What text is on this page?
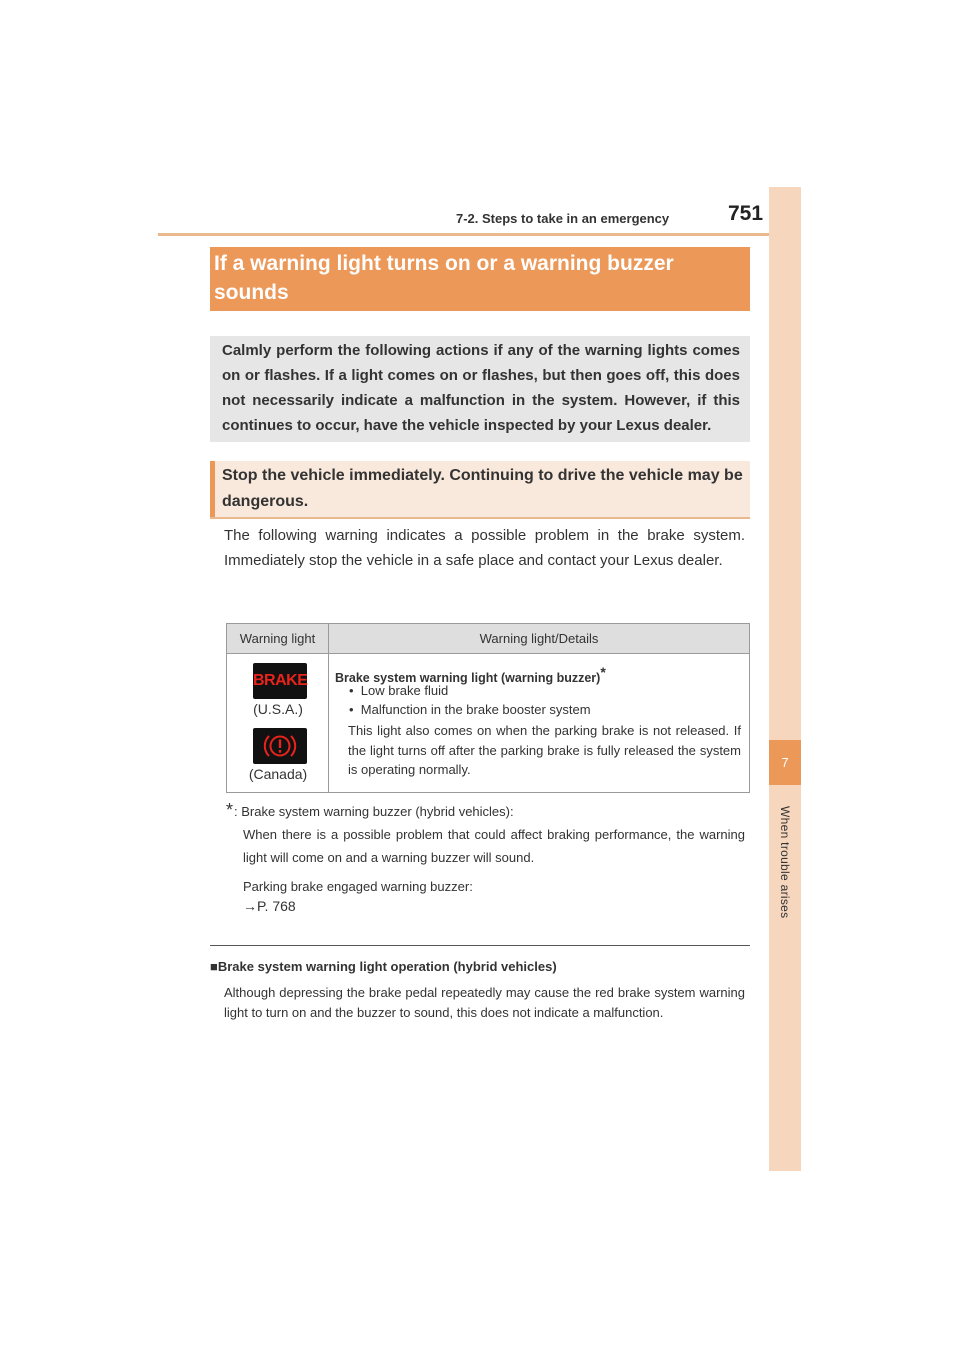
7-2. Steps to take in an emergency	751
7
When trouble arises
If a warning light turns on or a warning buzzer sounds
Calmly perform the following actions if any of the warning lights comes on or flashes. If a light comes on or flashes, but then goes off, this does not necessarily indicate a malfunction in the system. However, if this continues to occur, have the vehicle inspected by your Lexus dealer.
Stop the vehicle immediately. Continuing to drive the vehicle may be dangerous.
The following warning indicates a possible problem in the brake system. Immediately stop the vehicle in a safe place and contact your Lexus dealer.
Warning light	Warning light/Details
BRAKE
(U.S.A.)
(Canada)
Brake system warning light (warning buzzer)*
•  Low brake fluid
•  Malfunction in the brake booster system
This light also comes on when the parking brake is not released. If the light turns off after the parking brake is fully released the system is operating normally.
* : Brake system warning buzzer (hybrid vehicles):
When there is a possible problem that could affect braking performance, the warning light will come on and a warning buzzer will sound.
Parking brake engaged warning buzzer:
→P. 768
■Brake system warning light operation (hybrid vehicles)
Although depressing the brake pedal repeatedly may cause the red brake system warning light to turn on and the buzzer to sound, this does not indicate a malfunction.
